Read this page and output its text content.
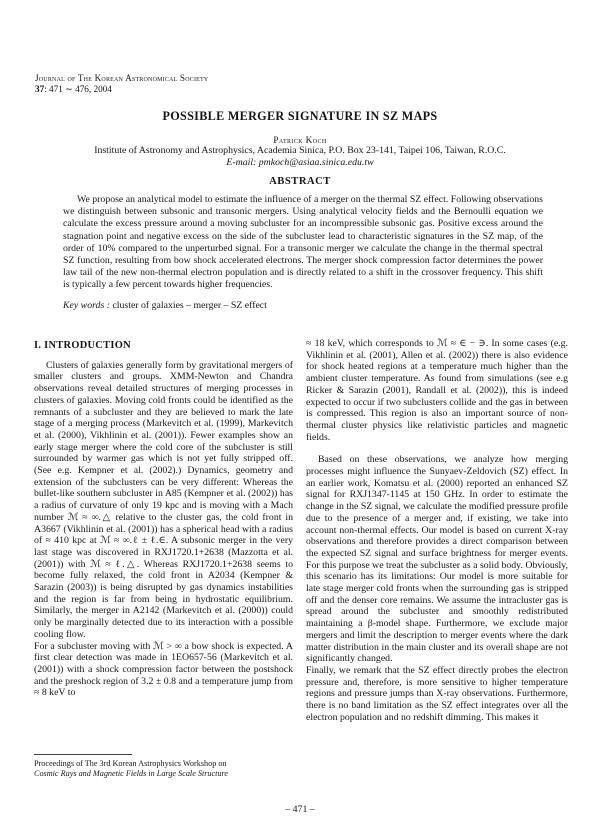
Journal of The Korean Astronomical Society
37: 471 ∼ 476, 2004
POSSIBLE MERGER SIGNATURE IN SZ MAPS
Patrick Koch
Institute of Astronomy and Astrophysics, Academia Sinica, P.O. Box 23-141, Taipei 106, Taiwan, R.O.C.
E-mail: pmkoch@asiaa.sinica.edu.tw
ABSTRACT

We propose an analytical model to estimate the influence of a merger on the thermal SZ effect. Following observations we distinguish between subsonic and transonic mergers. Using analytical velocity fields and the Bernoulli equation we calculate the excess pressure around a moving subcluster for an incompressible subsonic gas. Positive excess around the stagnation point and negative excess on the side of the subcluster lead to characteristic signatures in the SZ map, of the order of 10% compared to the unperturbed signal. For a transonic merger we calculate the change in the thermal spectral SZ function, resulting from bow shock accelerated electrons. The merger shock compression factor determines the power law tail of the new non-thermal electron population and is directly related to a shift in the crossover frequency. This shift is typically a few percent towards higher frequencies.

Key words : cluster of galaxies – merger – SZ effect
I. INTRODUCTION

Clusters of galaxies generally form by gravitational mergers of smaller clusters and groups. XMM-Newton and Chandra observations reveal detailed structures of merging processes in clusters of galaxies. Moving cold fronts could be identified as the remnants of a subcluster and they are believed to mark the late stage of a merging process (Markevitch et al. (1999), Markevitch et al. (2000), Vikhlinin et al. (2001)). Fewer examples show an early stage merger where the cold core of the subcluster is still surrounded by warmer gas which is not yet fully stripped off. (See e.g. Kempner et al. (2002).) Dynamics, geometry and extension of the subclusters can be very different: Whereas the bullet-like southern subcluster in A85 (Kempner et al. (2002)) has a radius of curvature of only 19 kpc and is moving with a Mach number ℳ ≈ ∞.△ relative to the cluster gas, the cold front in A3667 (Vikhlinin et al. (2001)) has a spherical head with a radius of ≈ 410 kpc at ℳ ≈ ∞.ℓ ± ℓ.∈. A subsonic merger in the very last stage was discovered in RXJ1720.1+2638 (Mazzotta et al. (2001)) with ℳ ≈ ℓ.△. Whereas RXJ1720.1+2638 seems to become fully relaxed, the cold front in A2034 (Kempner & Sarazin (2003)) is being disrupted by gas dynamics instabilities and the region is far from being in hydrostatic equilibrium. Similarly, the merger in A2142 (Markevitch et al. (2000)) could only be marginally detected due to its interaction with a possible cooling flow.

For a subcluster moving with ℳ > ∞ a bow shock is expected. A first clear detection was made in 1EO657-56 (Markevitch et al. (2001)) with a shock compression factor between the postshock and the preshock region of 3.2 ± 0.8 and a temperature jump from ≈ 8 keV to

≈ 18 keV, which corresponds to ℳ ≈ ∈ − ∋. In some cases (e.g. Vikhlinin et al. (2001), Allen et al. (2002)) there is also evidence for shock heated regions at a temperature much higher than the ambient cluster temperature. As found from simulations (see e.g Ricker & Sarazin (2001), Randall et al. (2002)), this is indeed expected to occur if two subclusters collide and the gas in between is compressed. This region is also an important source of non-thermal cluster physics like relativistic particles and magnetic fields.

Based on these observations, we analyze how merging processes might influence the Sunyaev-Zeldovich (SZ) effect. In an earlier work, Komatsu et al. (2000) reported an enhanced SZ signal for RXJ1347-1145 at 150 GHz. In order to estimate the change in the SZ signal, we calculate the modified pressure profile due to the presence of a merger and, if existing, we take into account non-thermal effects. Our model is based on current X-ray observations and therefore provides a direct comparison between the expected SZ signal and surface brightness for merger events. For this purpose we treat the subcluster as a solid body. Obviously, this scenario has its limitations: Our model is more suitable for late stage merger cold fronts when the surrounding gas is stripped off and the denser core remains. We assume the intracluster gas is spread around the subcluster and smoothly redistributed maintaining a β-model shape. Furthermore, we exclude major mergers and limit the description to merger events where the dark matter distribution in the main cluster and its overall shape are not significantly changed.

Finally, we remark that the SZ effect directly probes the electron pressure and, therefore, is more sensitive to higher temperature regions and pressure jumps than X-ray observations. Furthermore, there is no band limitation as the SZ effect integrates over all the electron population and no redshift dimming. This makes it

Proceedings of The 3rd Korean Astrophysics Workshop on
Cosmic Rays and Magnetic Fields in Large Scale Structure
– 471 –
